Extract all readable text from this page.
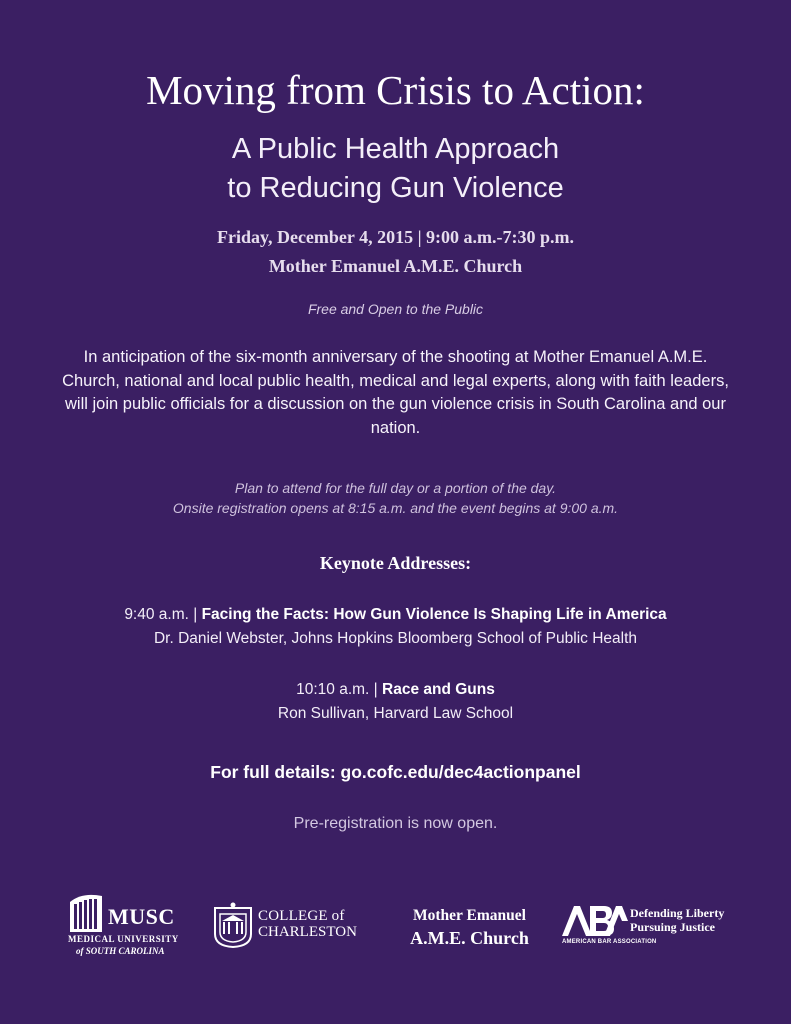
Moving from Crisis to Action:
A Public Health Approach
to Reducing Gun Violence
Friday, December 4, 2015 | 9:00 a.m.-7:30 p.m.
Mother Emanuel A.M.E. Church
Free and Open to the Public
In anticipation of the six-month anniversary of the shooting at Mother Emanuel A.M.E. Church, national and local public health, medical and legal experts, along with faith leaders, will join public officials for a discussion on the gun violence crisis in South Carolina and our nation.
Plan to attend for the full day or a portion of the day.
Onsite registration opens at 8:15 a.m. and the event begins at 9:00 a.m.
Keynote Addresses:
9:40 a.m. | Facing the Facts: How Gun Violence Is Shaping Life in America
Dr. Daniel Webster, Johns Hopkins Bloomberg School of Public Health
10:10 a.m. | Race and Guns
Ron Sullivan, Harvard Law School
For full details: go.cofc.edu/dec4actionpanel
Pre-registration is now open.
MUSC
MEDICAL UNIVERSITY
of SOUTH CAROLINA
COLLEGE of
CHARLESTON
Mother Emanuel
A.M.E. Church
Defending Liberty
Pursuing Justice
AMERICAN BAR ASSOCIATION
